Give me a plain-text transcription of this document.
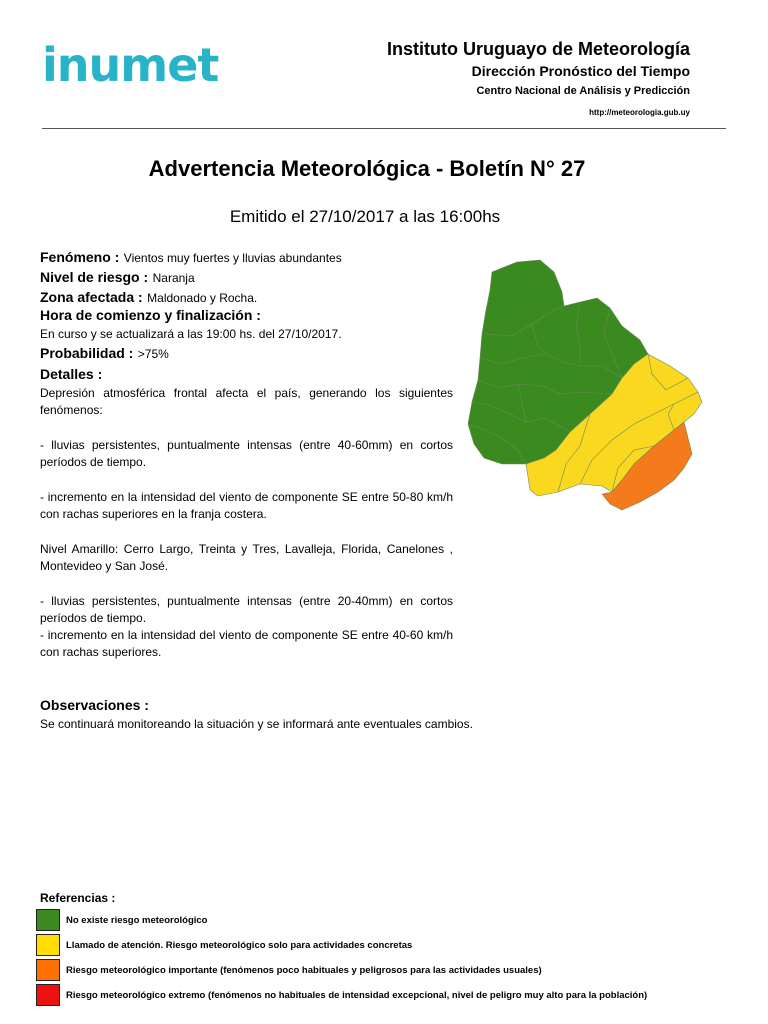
inumet	Instituto Uruguayo de Meteorología
Dirección Pronóstico del Tiempo
Centro Nacional de Análisis y Predicción
http://meteorologia.gub.uy
Advertencia Meteorológica - Boletín N° 27
Emitido el 27/10/2017 a las 16:00hs
Fenómeno : Vientos muy fuertes y lluvias abundantes
Nivel de riesgo : Naranja
Zona afectada : Maldonado y Rocha.
Hora de comienzo y finalización :
En curso y se actualizará a las 19:00 hs. del 27/10/2017.
Probabilidad : >75%
Detalles :

Depresión atmosférica frontal afecta el país, generando los siguientes fenómenos:

- lluvias persistentes, puntualmente intensas (entre 40-60mm) en cortos períodos de tiempo.

- incremento en la intensidad del viento de componente SE entre 50-80 km/h con rachas superiores en la franja costera.

Nivel Amarillo: Cerro Largo, Treinta y Tres, Lavalleja, Florida, Canelones , Montevideo y San José.

- lluvias persistentes, puntualmente intensas (entre 20-40mm) en cortos períodos de tiempo.

- incremento en la intensidad del viento de componente SE entre 40-60 km/h con rachas superiores.

Observaciones :
Se continuará monitoreando la situación y se informará ante eventuales cambios.
Referencias :
No existe riesgo meteorológico
Llamado de atención. Riesgo meteorológico solo para actividades concretas
Riesgo meteorológico importante (fenómenos poco habituales y peligrosos para las actividades usuales)
Riesgo meteorológico extremo (fenómenos no habituales de intensidad excepcional, nivel de peligro muy alto para la población)
